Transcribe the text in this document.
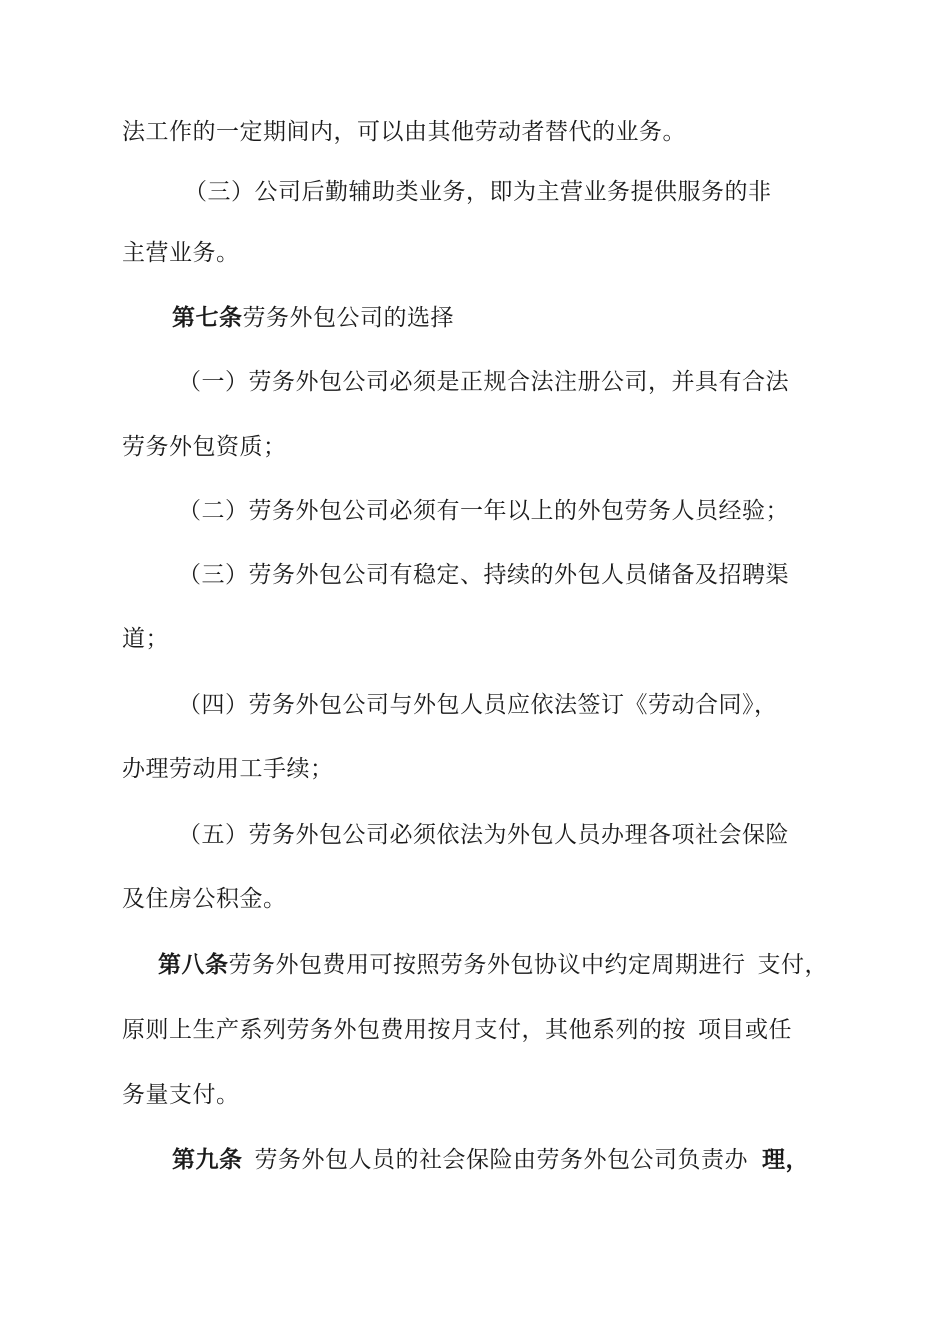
法工作的一定期间内，可以由其他劳动者替代的业务。
（三）公司后勤辅助类业务，即为主营业务提供服务的非
主营业务。
第七条劳务外包公司的选择
（一）劳务外包公司必须是正规合法注册公司，并具有合法
劳务外包资质；
（二）劳务外包公司必须有一年以上的外包劳务人员经验；
（三）劳务外包公司有稳定、持续的外包人员储备及招聘渠
道；
（四）劳务外包公司与外包人员应依法签订《劳动合同》，
办理劳动用工手续；
（五）劳务外包公司必须依法为外包人员办理各项社会保险
及住房公积金。
第八条劳务外包费用可按照劳务外包协议中约定周期进行 支付，
原则上生产系列劳务外包费用按月支付，其他系列的按 项目或任
务量支付。
第九条 劳务外包人员的社会保险由劳务外包公司负责办 理，
